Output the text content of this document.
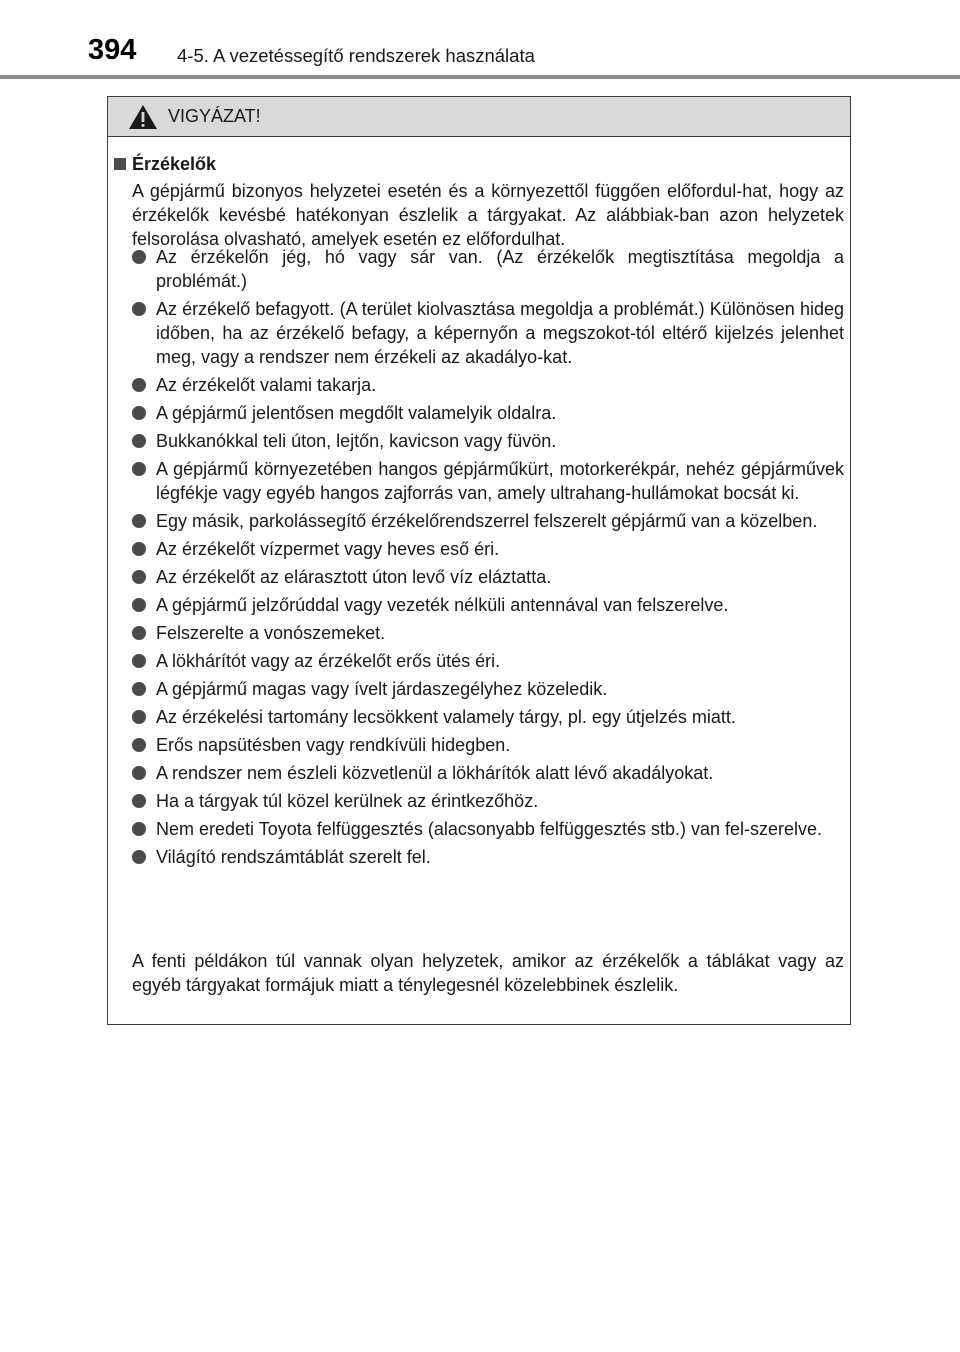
394 4-5. A vezetéssegítő rendszerek használata
VIGYÁZAT!
Érzékelők
A gépjármű bizonyos helyzetei esetén és a környezettől függően előfordul-hat, hogy az érzékelők kevésbé hatékonyan észlelik a tárgyakat. Az alábbiak-ban azon helyzetek felsorolása olvasható, amelyek esetén ez előfordulhat.
Az érzékelőn jég, hó vagy sár van. (Az érzékelők megtisztítása megoldja a problémát.)
Az érzékelő befagyott. (A terület kiolvasztása megoldja a problémát.) Különösen hideg időben, ha az érzékelő befagy, a képernyőn a megszokot-tól eltérő kijelzés jelenhet meg, vagy a rendszer nem érzékeli az akadályo-kat.
Az érzékelőt valami takarja.
A gépjármű jelentősen megdőlt valamelyik oldalra.
Bukkanókkal teli úton, lejtőn, kavicson vagy füvön.
A gépjármű környezetében hangos gépjárműkürt, motorkerékpár, nehéz gépjárművek légfékje vagy egyéb hangos zajforrás van, amely ultrahang-hullámokat bocsát ki.
Egy másik, parkolássegítő érzékelőrendszerrel felszerelt gépjármű van a közelben.
Az érzékelőt vízpermet vagy heves eső éri.
Az érzékelőt az elárasztott úton levő víz eláztatta.
A gépjármű jelzőrúddal vagy vezeték nélküli antennával van felszerelve.
Felszerelte a vonószemeket.
A lökhárítót vagy az érzékelőt erős ütés éri.
A gépjármű magas vagy ívelt járdaszegélyhez közeledik.
Az érzékelési tartomány lecsökkent valamely tárgy, pl. egy útjelzés miatt.
Erős napsütésben vagy rendkívüli hidegben.
A rendszer nem észleli közvetlenül a lökhárítók alatt lévő akadályokat.
Ha a tárgyak túl közel kerülnek az érintkezőhöz.
Nem eredeti Toyota felfüggesztés (alacsonyabb felfüggesztés stb.) van fel-szerelve.
Világító rendszámtáblát szerelt fel.
A fenti példákon túl vannak olyan helyzetek, amikor az érzékelők a táblákat vagy az egyéb tárgyakat formájuk miatt a ténylegesnél közelebbinek észlelik.
